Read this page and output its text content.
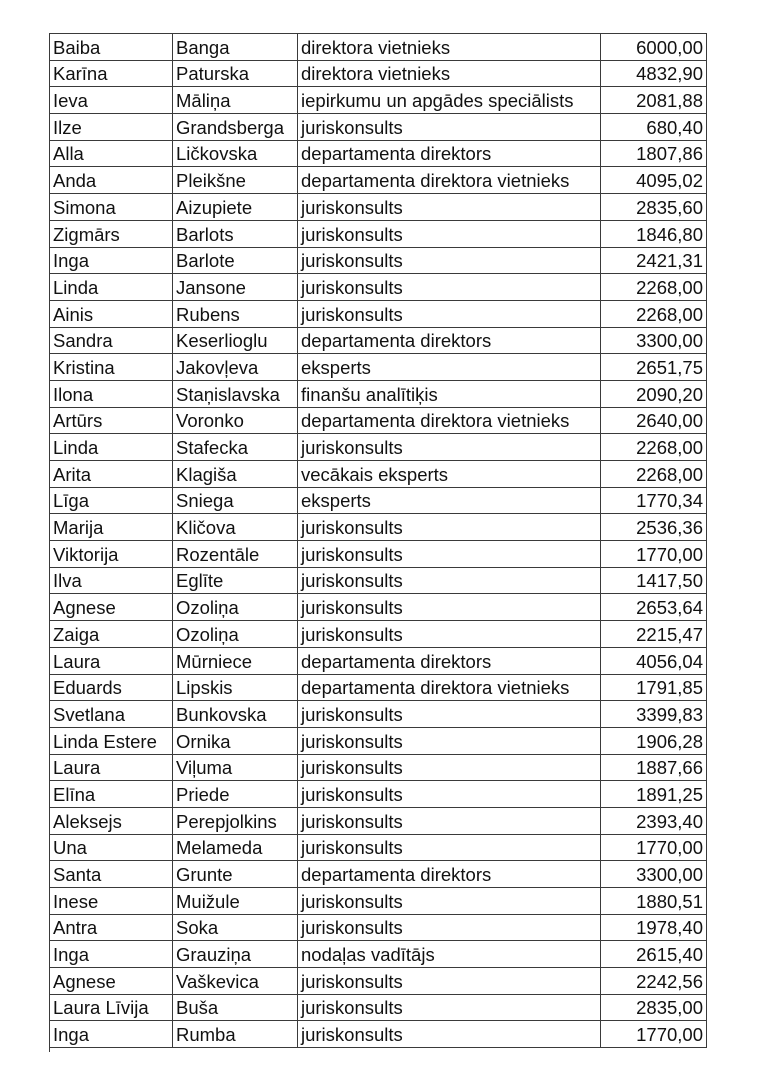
Baiba	Banga	direktora vietnieks	6000,00
Karīna	Paturska	direktora vietnieks	4832,90
Ieva	Māliņa	iepirkumu un apgādes speciālists	2081,88
Ilze	Grandsberga	juriskonsults	680,40
Alla	Ličkovska	departamenta direktors	1807,86
Anda	Pleikšne	departamenta direktora vietnieks	4095,02
Simona	Aizupiete	juriskonsults	2835,60
Zigmārs	Barlots	juriskonsults	1846,80
Inga	Barlote	juriskonsults	2421,31
Linda	Jansone	juriskonsults	2268,00
Ainis	Rubens	juriskonsults	2268,00
Sandra	Keserlioglu	departamenta direktors	3300,00
Kristina	Jakovļeva	eksperts	2651,75
Ilona	Staņislavska	finanšu analītiķis	2090,20
Artūrs	Voronko	departamenta direktora vietnieks	2640,00
Linda	Stafecka	juriskonsults	2268,00
Arita	Klagiša	vecākais eksperts	2268,00
Līga	Sniega	eksperts	1770,34
Marija	Kličova	juriskonsults	2536,36
Viktorija	Rozentāle	juriskonsults	1770,00
Ilva	Eglīte	juriskonsults	1417,50
Agnese	Ozoliņa	juriskonsults	2653,64
Zaiga	Ozoliņa	juriskonsults	2215,47
Laura	Mūrniece	departamenta direktors	4056,04
Eduards	Lipskis	departamenta direktora vietnieks	1791,85
Svetlana	Bunkovska	juriskonsults	3399,83
Linda Estere	Ornika	juriskonsults	1906,28
Laura	Viļuma	juriskonsults	1887,66
Elīna	Priede	juriskonsults	1891,25
Aleksejs	Perepjolkins	juriskonsults	2393,40
Una	Melameda	juriskonsults	1770,00
Santa	Grunte	departamenta direktors	3300,00
Inese	Muižule	juriskonsults	1880,51
Antra	Soka	juriskonsults	1978,40
Inga	Grauziņa	nodaļas vadītājs	2615,40
Agnese	Vaškevica	juriskonsults	2242,56
Laura Līvija	Buša	juriskonsults	2835,00
Inga	Rumba	juriskonsults	1770,00
